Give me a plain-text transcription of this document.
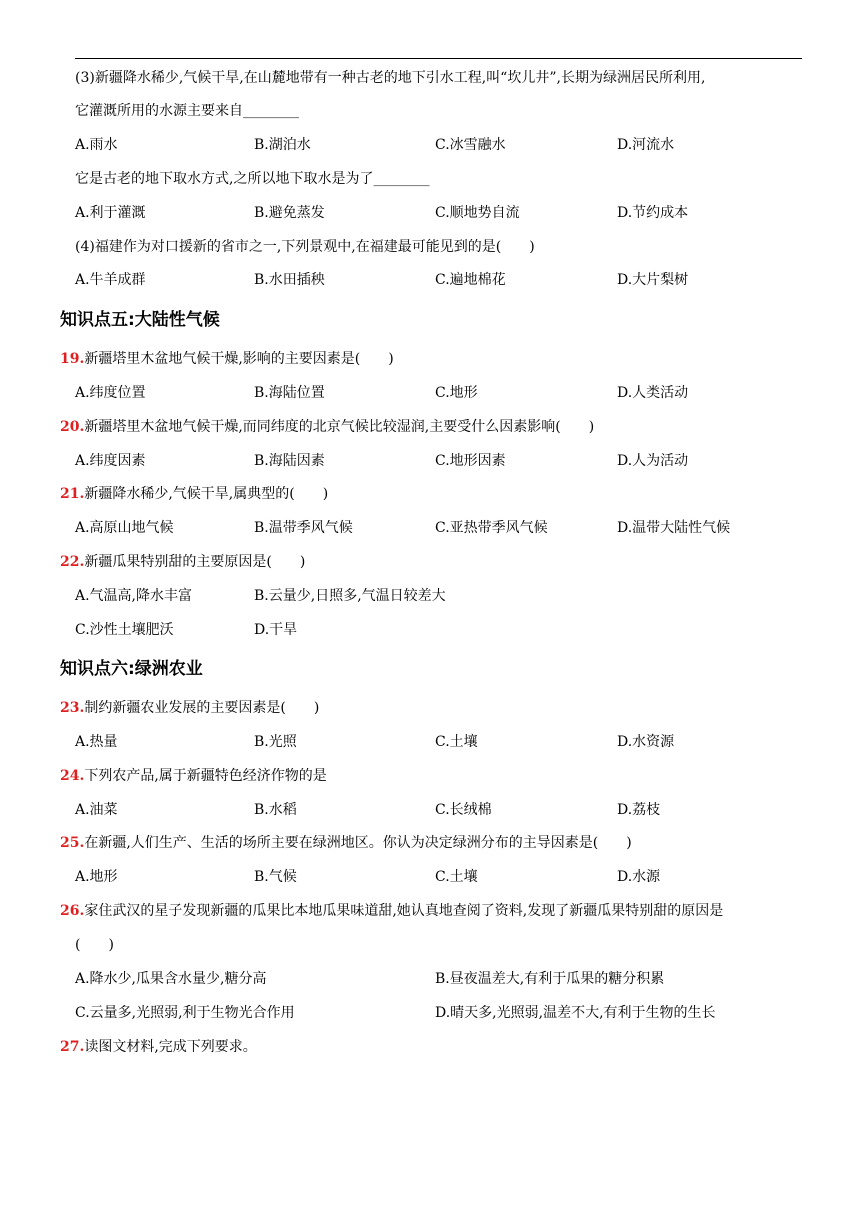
(3)新疆降水稀少,气候干旱,在山麓地带有一种古老的地下引水工程,叫“坎儿井”,长期为绿洲居民所利用,
它灌溉所用的水源主要来自________
A.雨水	B.湖泊水	C.冰雪融水	D.河流水
它是古老的地下取水方式,之所以地下取水是为了________
A.利于灌溉	B.避免蒸发	C.顺地势自流	D.节约成本
(4)福建作为对口援新的省市之一,下列景观中,在福建最可能见到的是(　　)
A.牛羊成群	B.水田插秧	C.遍地棉花	D.大片梨树
知识点五:大陆性气候
19.新疆塔里木盆地气候干燥,影响的主要因素是(　　)
A.纬度位置	B.海陆位置	C.地形	D.人类活动
20.新疆塔里木盆地气候干燥,而同纬度的北京气候比较湿润,主要受什么因素影响(　　)
A.纬度因素	B.海陆因素	C.地形因素	D.人为活动
21.新疆降水稀少,气候干旱,属典型的(　　)
A.高原山地气候	B.温带季风气候	C.亚热带季风气候	D.温带大陆性气候
22.新疆瓜果特别甜的主要原因是(　　)
A.气温高,降水丰富	B.云量少,日照多,气温日较差大
C.沙性土壤肥沃	D.干旱
知识点六:绿洲农业
23.制约新疆农业发展的主要因素是(　　)
A.热量	B.光照	C.土壤	D.水资源
24.下列农产品,属于新疆特色经济作物的是
A.油菜	B.水稻	C.长绒棉	D.荔枝
25.在新疆,人们生产、生活的场所主要在绿洲地区。你认为决定绿洲分布的主导因素是(　　)
A.地形	B.气候	C.土壤	D.水源
26.家住武汉的星子发现新疆的瓜果比本地瓜果味道甜,她认真地查阅了资料,发现了新疆瓜果特别甜的原因是
(　　)
A.降水少,瓜果含水量少,糖分高	B.昼夜温差大,有利于瓜果的糖分积累
C.云量多,光照弱,利于生物光合作用	D.晴天多,光照弱,温差不大,有利于生物的生长
27.读图文材料,完成下列要求。
